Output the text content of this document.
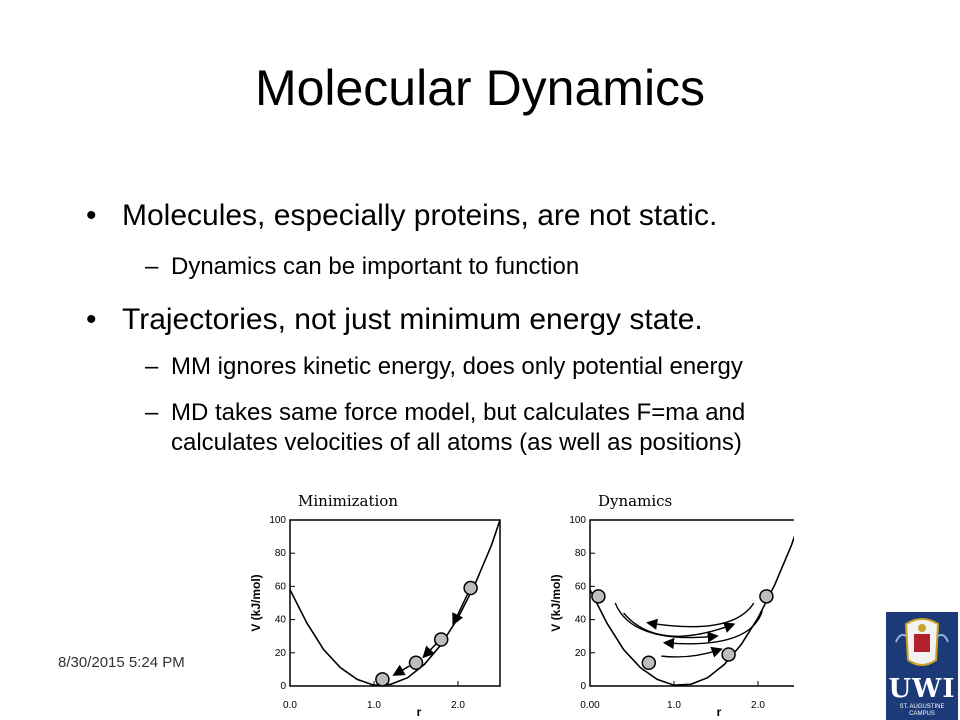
Molecular Dynamics
• Molecules, especially proteins, are not static.
– Dynamics can be important to function
• Trajectories, not just minimum energy state.
– MM ignores kinetic energy, does only potential energy
– MD takes same force model, but calculates F=ma and
calculates velocities of all atoms (as well as positions)
8/30/2015 5:24 PM
Minimization
0
20
40
60
80
100
0.0	1.0	2.0
r
V (kJ/mol)
Dynamics
0
20
40
60
80
100
0.00	1.0	2.0
r
V (kJ/mol)
UWI
ST. AUGUSTINE
CAMPUS
